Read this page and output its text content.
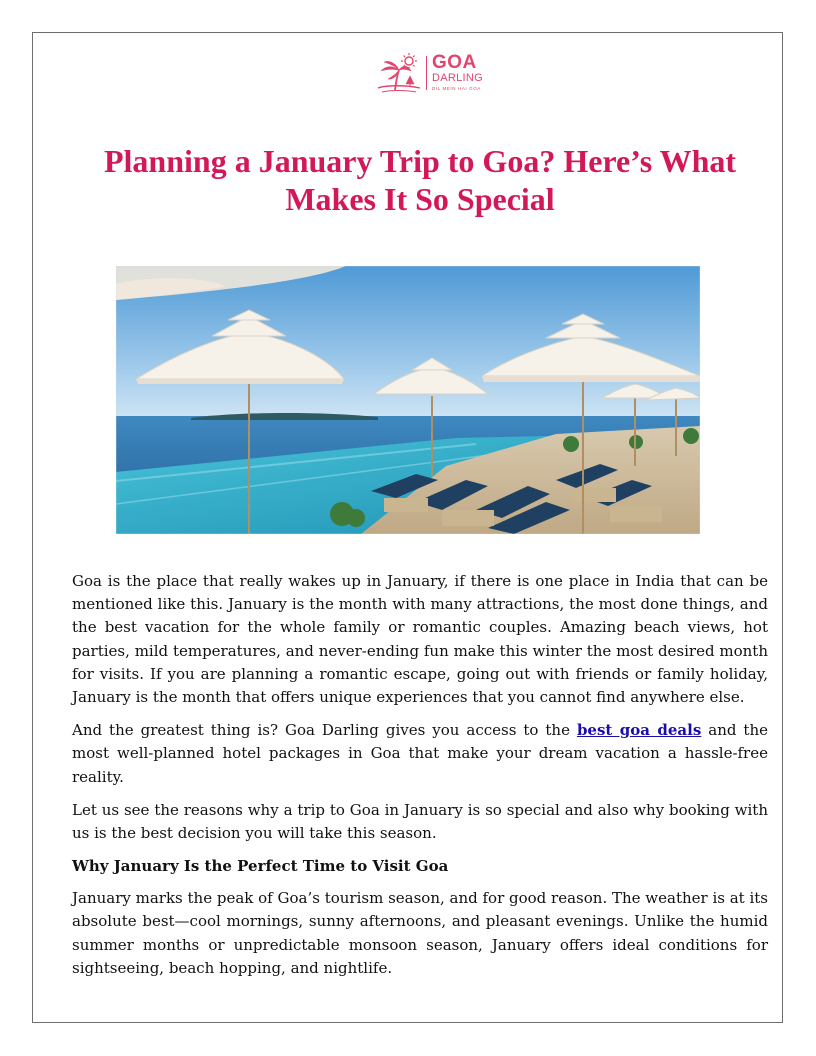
GOA
DARLING
DIL MEIN HAI GOA
Planning a January Trip to Goa? Here’s What Makes It So Special

Goa is the place that really wakes up in January, if there is one place in India that can be mentioned like this. January is the month with many attractions, the most done things, and the best vacation for the whole family or romantic couples. Amazing beach views, hot parties, mild temperatures, and never-ending fun make this winter the most desired month for visits. If you are planning a romantic escape, going out with friends or family holiday, January is the month that offers unique experiences that you cannot find anywhere else.

And the greatest thing is? Goa Darling gives you access to the best goa deals and the most well-planned hotel packages in Goa that make your dream vacation a hassle-free reality.

Let us see the reasons why a trip to Goa in January is so special and also why booking with us is the best decision you will take this season.

Why January Is the Perfect Time to Visit Goa

January marks the peak of Goa’s tourism season, and for good reason. The weather is at its absolute best—cool mornings, sunny afternoons, and pleasant evenings. Unlike the humid summer months or unpredictable monsoon season, January offers ideal conditions for sightseeing, beach hopping, and nightlife.
